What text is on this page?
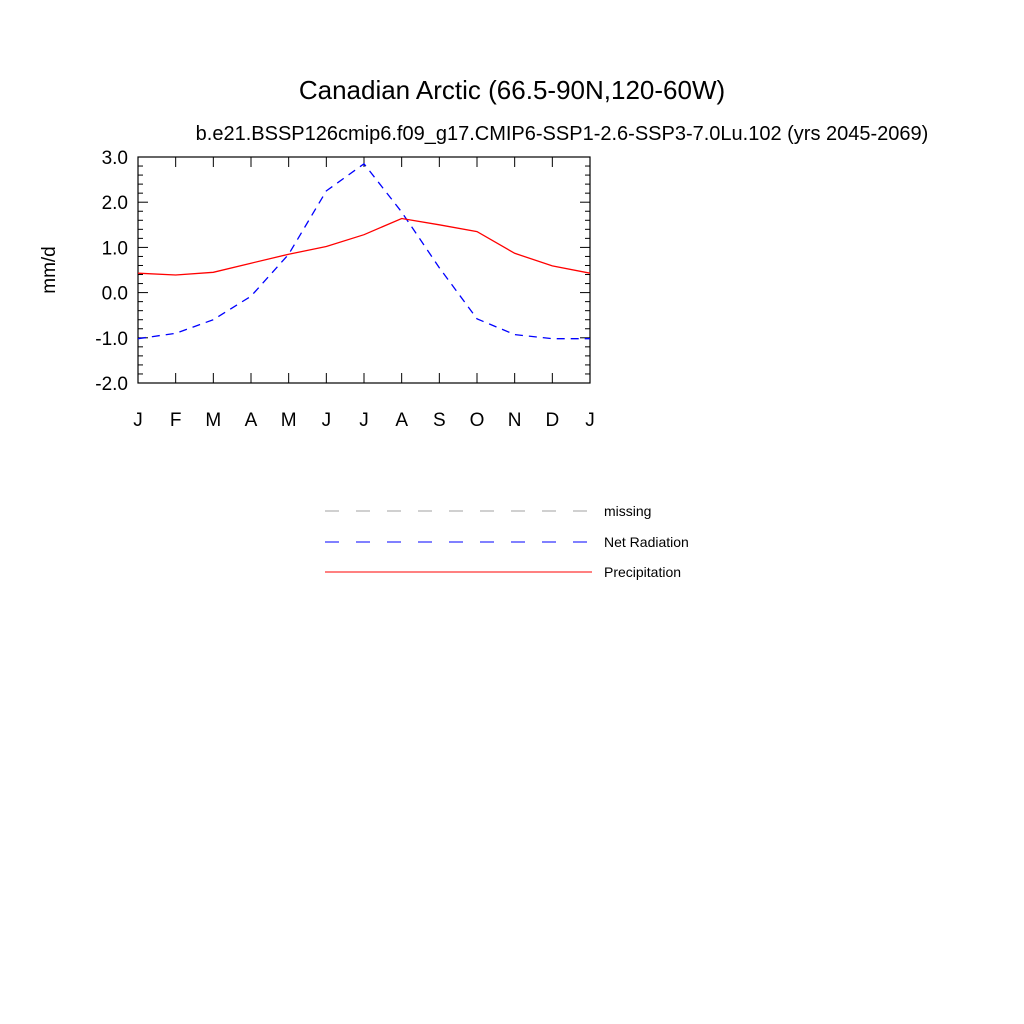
Canadian Arctic (66.5-90N,120-60W)
b.e21.BSSP126cmip6.f09_g17.CMIP6-SSP1-2.6-SSP3-7.0Lu.102 (yrs 2045-2069)
mm/d
3.0
2.0
1.0
0.0
-1.0
-2.0
J F M A M J J A S O N D J
missing
Net Radiation
Precipitation
